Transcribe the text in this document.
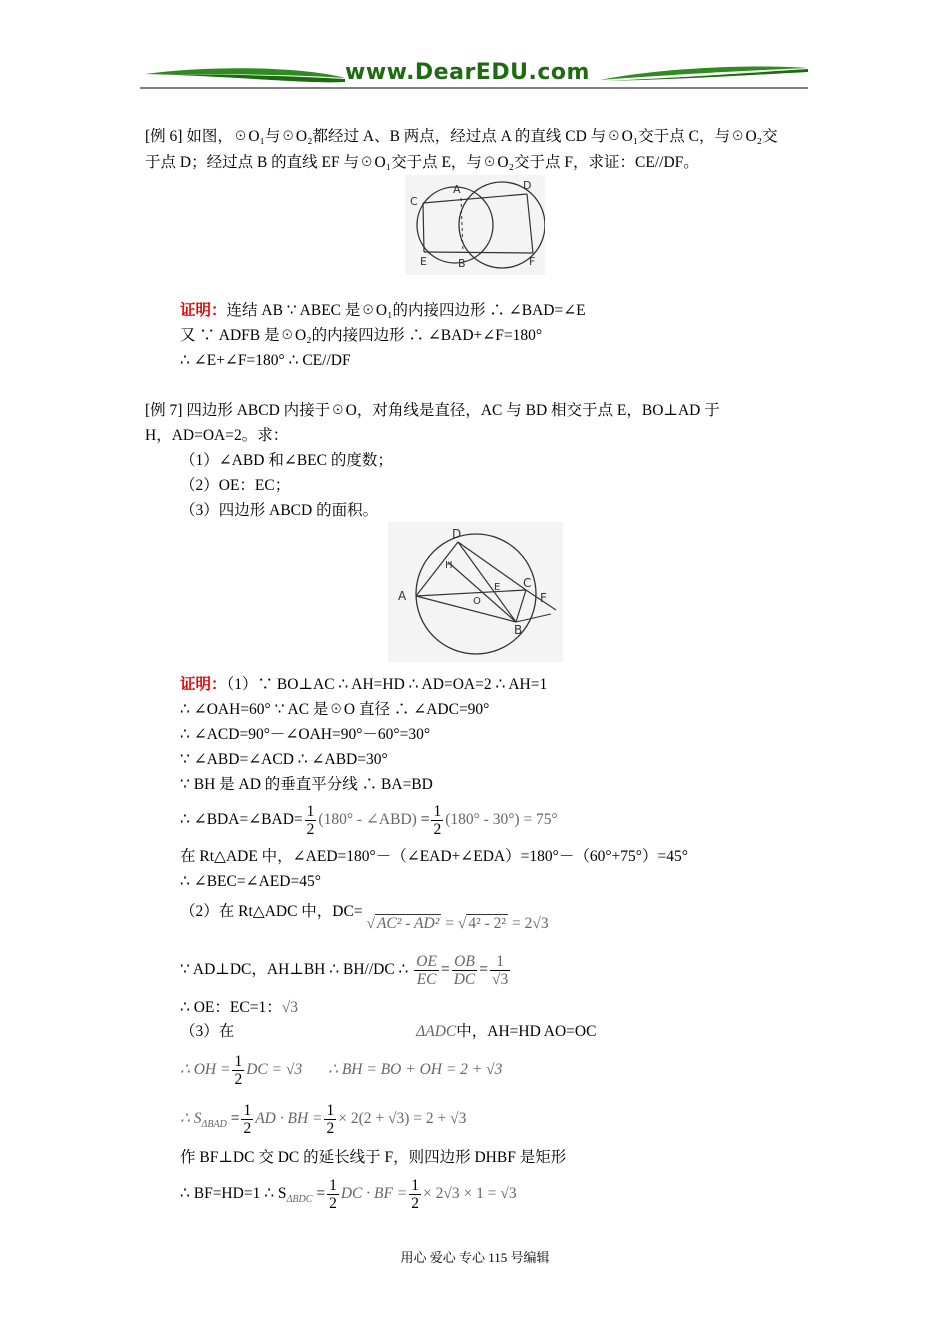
www.DearEDU.com
[例 6] 如图，☉O₁与☉O₂都经过 A、B 两点，经过点 A 的直线 CD 与☉O₁交于点 C，与☉O₂交
于点 D；经过点 B 的直线 EF 与☉O₁交于点 E，与☉O₂交于点 F，求证：CE//DF。
C
A	D
E	B	F
证明：连结 AB ∵ ABEC 是☉O₁的内接四边形 ∴ ∠BAD=∠E
又 ∵ ADFB 是☉O₂的内接四边形 ∴ ∠BAD+∠F=180°
∴ ∠E+∠F=180° ∴ CE//DF
[例 7] 四边形 ABCD 内接于☉O，对角线是直径，AC 与 BD 相交于点 E，BO⊥AD 于
H，AD=OA=2。求：
（1）∠ABD 和∠BEC 的度数；
（2）OE：EC；
（3）四边形 ABCD 的面积。
D
H
A	O
E C
F
B
证明：（1）∵ BO⊥AC ∴ AH=HD ∴ AD=OA=2 ∴ AH=1
∴ ∠OAH=60° ∵ AC 是☉O 直径 ∴ ∠ADC=90°
∴ ∠ACD=90°－∠OAH=90°－60°=30°
∵ ∠ABD=∠ACD ∴ ∠ABD=30°
∵ BH 是 AD 的垂直平分线 ∴ BA=BD
∴ ∠BDA=∠BAD= $\frac{1}{2} (180^\circ$ - ∠ABD) = $\frac{1}{2} (180^\circ - 30^\circ) = 75^\circ$
在 Rt△ADE 中，∠AED=180°－（∠EAD+∠EDA）=180°－（60°+75°）=45°
∴ ∠BEC=∠AED=45°
（2）在 Rt△ADC 中，DC= √ AC² - AD² = √ 4² - 2² = 2√3
∵ AD⊥DC，AH⊥BH ∴ BH//DC ∴ $\frac{OE}{EC} = \frac{OB}{DC} = \frac{1}{√3}$
∴ OE：EC=1：√3
（3）在	ΔADC中，AH=HD AO=OC
∴ OH = $\frac{1}{2}$ DC = √3 ∴ BH = BO + OH = 2 + √3
∴ $S_{\Delta BAD} = \frac{1}{2}$ AD · BH = $\frac{1}{2} \times 2(2 + √3) = 2 + √3$
作 BF⊥DC 交 DC 的延长线于 F，则四边形 DHBF 是矩形
∴ BF=HD=1 ∴ $S_{\Delta BDC} = \frac{1}{2}$ DC · BF = $\frac{1}{2} \times 2√3 \times 1 = √3$
用心 爱心 专心 115 号编辑
